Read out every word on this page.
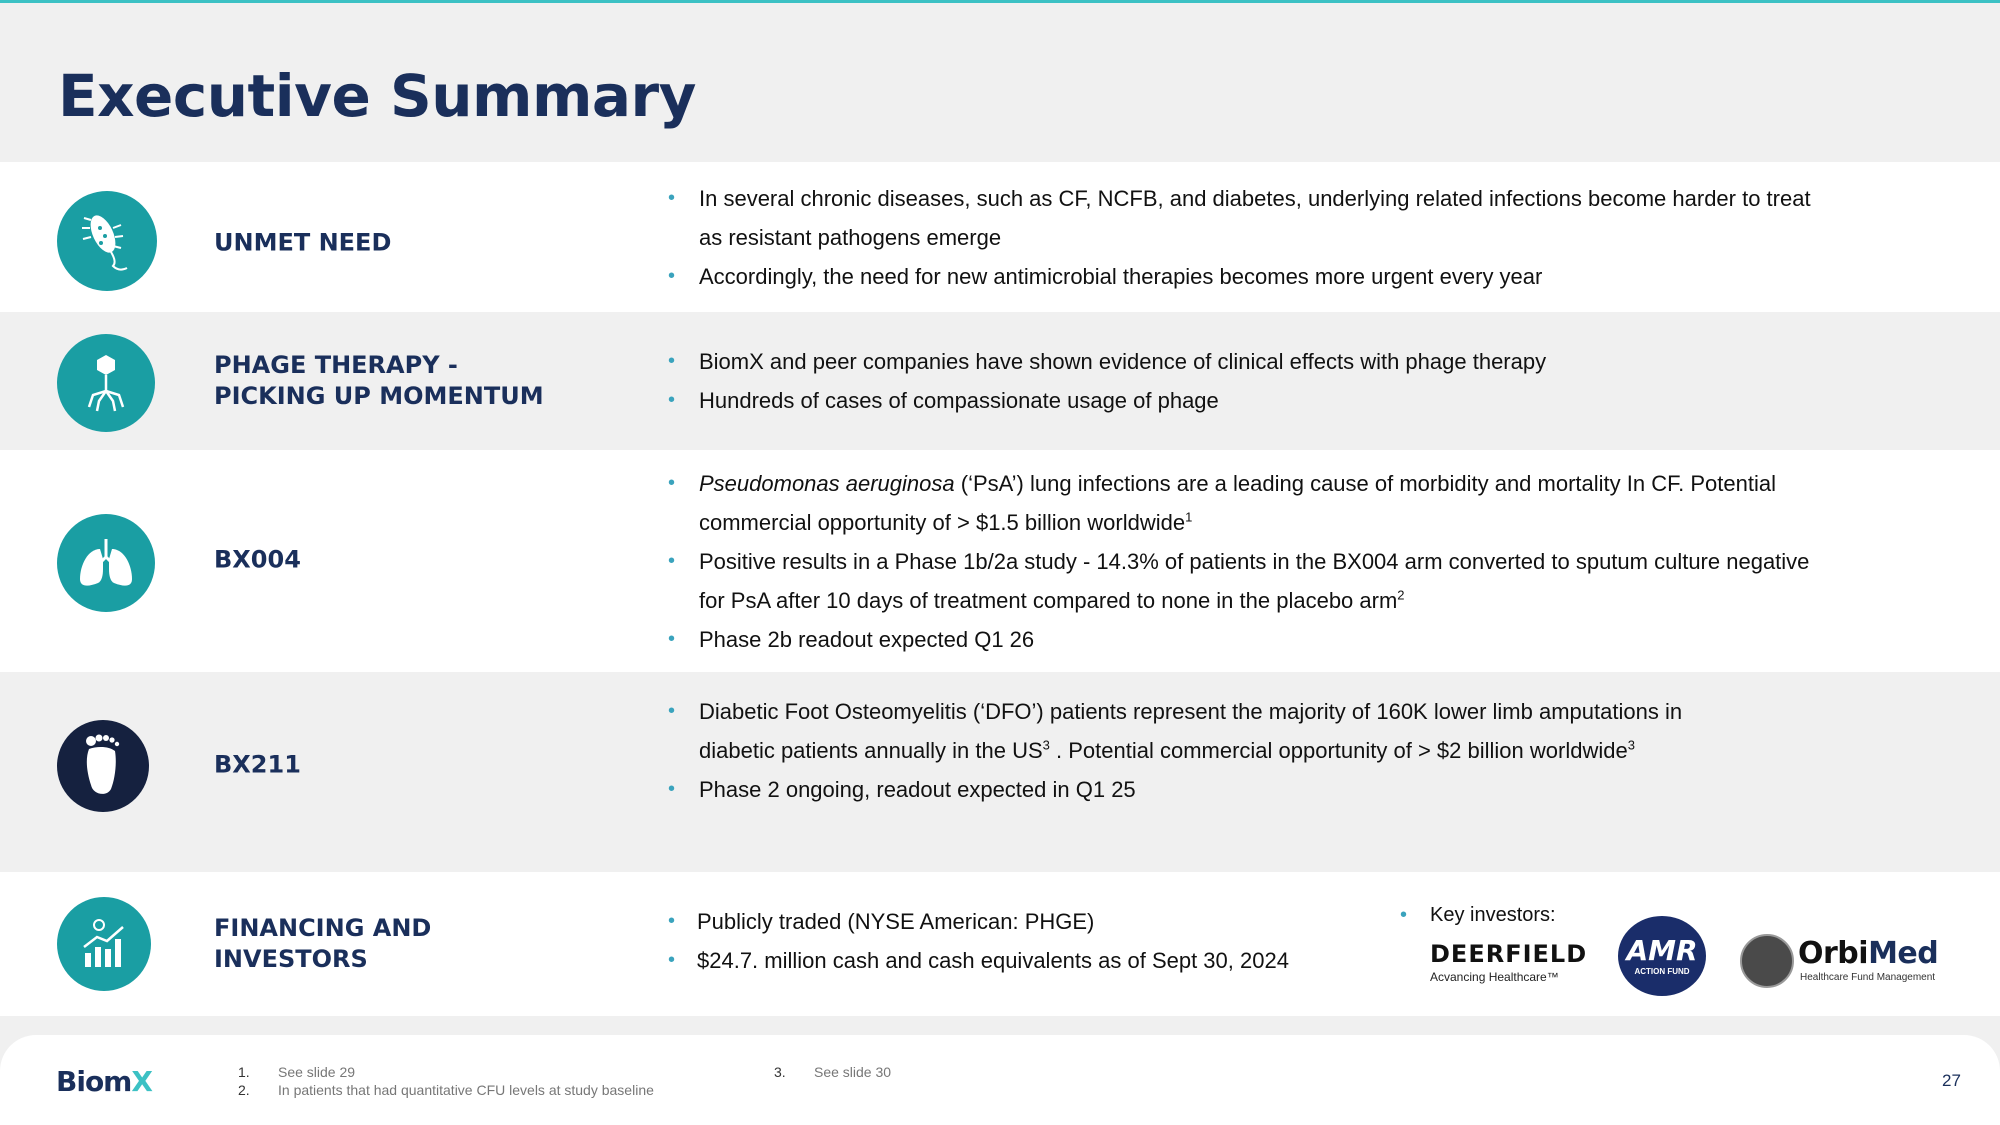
Executive Summary
UNMET NEED
• In several chronic diseases, such as CF, NCFB, and diabetes, underlying related infections become harder to treat as resistant pathogens emerge
• Accordingly, the need for new antimicrobial therapies becomes more urgent every year
PHAGE THERAPY -
PICKING UP MOMENTUM
• BiomX and peer companies have shown evidence of clinical effects with phage therapy
• Hundreds of cases of compassionate usage of phage
BX004
• Pseudomonas aeruginosa (‘PsA’) lung infections are a leading cause of morbidity and mortality In CF. Potential commercial opportunity of > $1.5 billion worldwide$^1$
• Positive results in a Phase 1b/2a study - 14.3% of patients in the BX004 arm converted to sputum culture negative for PsA after 10 days of treatment compared to none in the placebo arm$^2$
• Phase 2b readout expected Q1 26
BX211
• Diabetic Foot Osteomyelitis (‘DFO’) patients represent the majority of 160K lower limb amputations in diabetic patients annually in the $US^3$ . Potential commercial opportunity of > $2 billion worldwide$^3$
• Phase 2 ongoing, readout expected in Q1 25
FINANCING AND
INVESTORS
• Publicly traded (NYSE American: PHGE)
• $24.7. million cash and cash equivalents as of Sept 30, 2024
• Key investors:
DEERFIELD
Acvancing Healthcare™
AMR
ACTION FUND
OrbiMed
Healthcare Fund Management
BiomX	1. See slide 29
2. In patients that had quantitative CFU levels at study baseline
3. See slide 30	27
